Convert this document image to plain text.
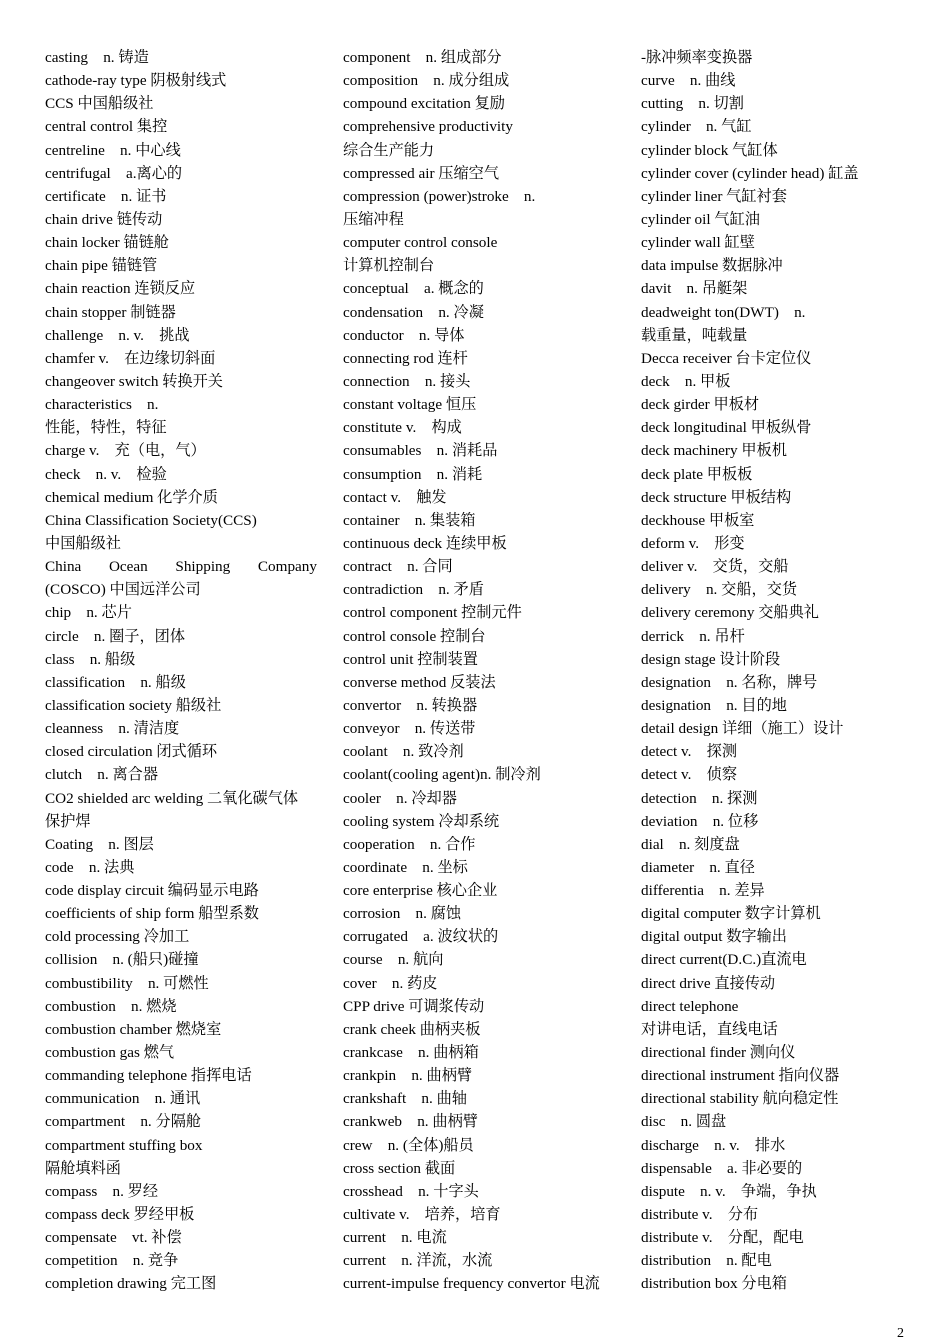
casting　n. 铸造
cathode-ray type 阴极射线式
CCS 中国船级社
central control 集控
centreline　n. 中心线
centrifugal　a.离心的
certificate　n. 证书
chain drive 链传动
chain locker 锚链舱
chain pipe 锚链管
chain reaction 连锁反应
chain stopper 制链器
challenge　n. v.　挑战
chamfer v.　在边缘切斜面
changeover switch 转换开关
characteristics　n.
性能，特性，特征
charge v.　充（电，气）
check　n. v.　检验
chemical medium 化学介质
China Classification Society(CCS)
中国船级社
China Ocean Shipping Company
(COSCO) 中国远洋公司
chip　n. 芯片
circle　n. 圈子，团体
class　n. 船级
classification　n. 船级
classification society 船级社
cleanness　n. 清洁度
closed circulation 闭式循环
clutch　n. 离合器
CO2 shielded arc welding 二氧化碳气体
保护焊
Coating　n. 图层
code　n. 法典
code display circuit 编码显示电路
coefficients of ship form 船型系数
cold processing 冷加工
collision　n. (船只)碰撞
combustibility　n. 可燃性
combustion　n. 燃烧
combustion chamber 燃烧室
combustion gas 燃气
commanding telephone 指挥电话
communication　n. 通讯
compartment　n. 分隔舱
compartment stuffing box
隔舱填料函
compass　n. 罗经
compass deck 罗经甲板
compensate　vt. 补偿
competition　n. 竞争
completion drawing 完工图
component　n. 组成部分
composition　n. 成分组成
compound excitation 复励
comprehensive productivity
综合生产能力
compressed air 压缩空气
compression (power)stroke　n.
压缩冲程
computer control console
计算机控制台
conceptual　a. 概念的
condensation　n. 冷凝
conductor　n. 导体
connecting rod 连杆
connection　n. 接头
constant voltage 恒压
constitute v.　构成
consumables　n. 消耗品
consumption　n. 消耗
contact v.　触发
container　n. 集装箱
continuous deck 连续甲板
contract　n. 合同
contradiction　n. 矛盾
control component 控制元件
control console 控制台
control unit 控制装置
converse method 反装法
convertor　n. 转换器
conveyor　n. 传送带
coolant　n. 致冷剂
coolant(cooling agent)n. 制冷剂
cooler　n. 冷却器
cooling system 冷却系统
cooperation　n. 合作
coordinate　n. 坐标
core enterprise 核心企业
corrosion　n. 腐蚀
corrugated　a. 波纹状的
course　n. 航向
cover　n. 药皮
CPP drive 可调浆传动
crank cheek 曲柄夹板
crankcase　n. 曲柄箱
crankpin　n. 曲柄臂
crankshaft　n. 曲轴
crankweb　n. 曲柄臂
crew　n. (全体)船员
cross section 截面
crosshead　n. 十字头
cultivate v.　培养，培育
current　n. 电流
current　n. 洋流，水流
current-impulse frequency convertor 电流
-脉冲频率变换器
curve　n. 曲线
cutting　n. 切割
cylinder　n. 气缸
cylinder block 气缸体
cylinder cover (cylinder head) 缸盖
cylinder liner 气缸衬套
cylinder oil 气缸油
cylinder wall 缸壁
data impulse 数据脉冲
davit　n. 吊艇架
deadweight ton(DWT)　n.
载重量，吨载量
Decca receiver 台卡定位仪
deck　n. 甲板
deck girder 甲板材
deck longitudinal 甲板纵骨
deck machinery 甲板机
deck plate 甲板板
deck structure 甲板结构
deckhouse 甲板室
deform v.　形变
deliver v.　交货，交船
delivery　n. 交船，交货
delivery ceremony 交船典礼
derrick　n. 吊杆
design stage 设计阶段
designation　n. 名称，牌号
designation　n. 目的地
detail design 详细（施工）设计
detect v.　探测
detect v.　侦察
detection　n. 探测
deviation　n. 位移
dial　n. 刻度盘
diameter　n. 直径
differentia　n. 差异
digital computer 数字计算机
digital output 数字输出
direct current(D.C.)直流电
direct drive 直接传动
direct telephone
对讲电话，直线电话
directional finder 测向仪
directional instrument 指向仪器
directional stability 航向稳定性
disc　n. 圆盘
discharge　n. v.　排水
dispensable　a. 非必要的
dispute　n. v.　争端，争执
distribute v.　分布
distribute v.　分配，配电
distribution　n. 配电
distribution box 分电箱
2
